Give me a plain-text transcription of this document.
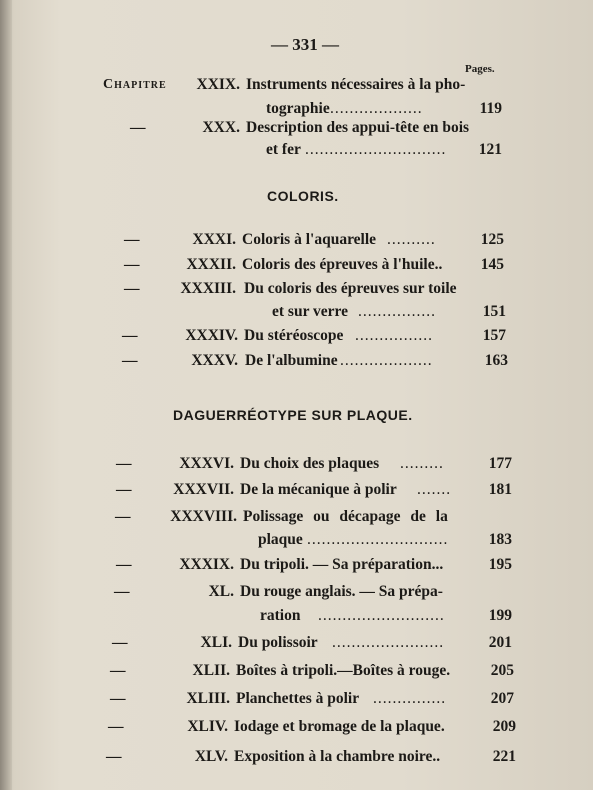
— 331 —
Pages.
Chapitre	XXIX. Instruments nécessaires à la pho-
tographie ...................	119
—	XXX. Description des appui-tête en bois
et fer .............................	121
COLORIS.
—	XXXI. Coloris à l'aquarelle ..........	125
—	XXXII. Coloris des épreuves à l'huile..	145
—	XXXIII. Du coloris des épreuves sur toile
et sur verre ................	151
—	XXXIV. Du stéréoscope ................	157
—	XXXV. De l'albumine ...................	163
DAGUERRÉOTYPE SUR PLAQUE.
—	XXXVI. Du choix des plaques .........	177
—	XXXVII. De la mécanique à polir .......	181
—	XXXVIII. Polissage ou décapage de la
plaque .............................	183
—	XXXIX. Du tripoli. — Sa préparation...	195
—	XL. Du rouge anglais. — Sa prépa-
ration ..........................	199
—	XLI. Du polissoir .......................	201
—	XLII. Boîtes à tripoli.—Boîtes à rouge.	205
—	XLIII. Planchettes à polir ...............	207
—	XLIV. Iodage et bromage de la plaque.	209
—	XLV. Exposition à la chambre noire..	221
